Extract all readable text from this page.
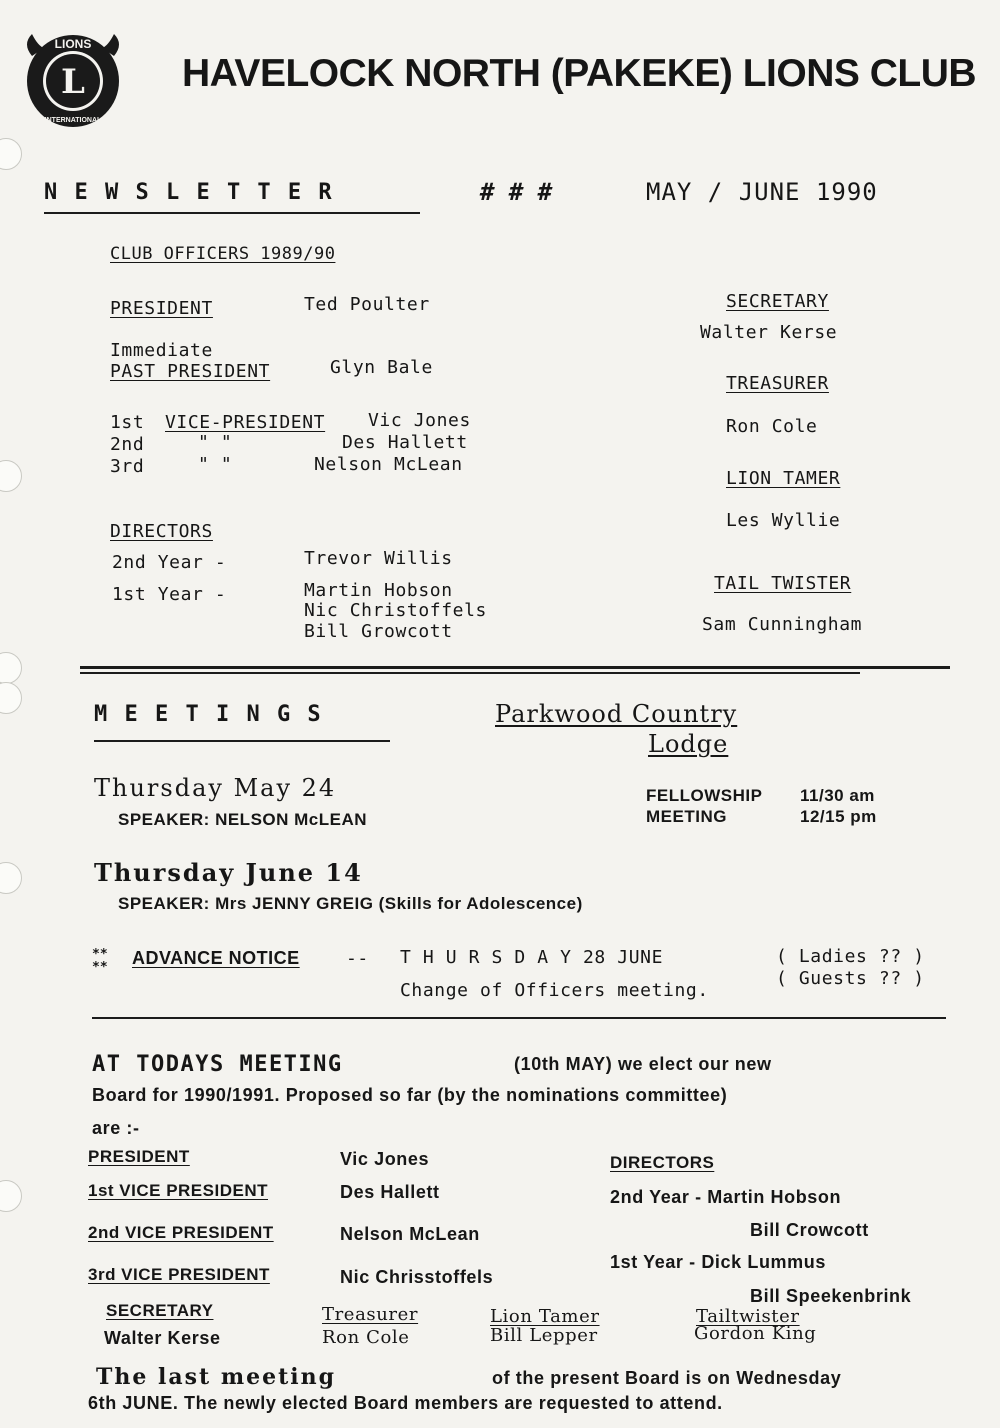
LIONS
L
INTERNATIONAL
HAVELOCK NORTH (PAKEKE) LIONS CLUB
N E W S L E T T E R	# # #	MAY / JUNE 1990
CLUB OFFICERS 1989/90
PRESIDENT	Ted Poulter
Immediate
PAST PRESIDENT	Glyn Bale
1st VICE-PRESIDENT Vic Jones
2nd	" "	Des Hallett
3rd	" "	Nelson McLean
DIRECTORS
2nd Year -	Trevor Willis
1st Year -	Martin Hobson
Nic Christoffels
Bill Growcott
SECRETARY
Walter Kerse
TREASURER
Ron Cole
LION TAMER
Les Wyllie
TAIL TWISTER
Sam Cunningham
M E E T I N G S	Parkwood Country
Lodge
Thursday May 24
SPEAKER: NELSON McLEAN
FELLOWSHIP 11/30 am
MEETING	12/15 pm
Thursday June 14
SPEAKER: Mrs JENNY GREIG (Skills for Adolescence)
**
** ADVANCE NOTICE	-- T H U R S D A Y 28 JUNE
Change of Officers meeting.
( Ladies ?? )
( Guests ?? )
AT TODAYS MEETING	(10th MAY) we elect our new
Board for 1990/1991. Proposed so far (by the nominations committee)
are :-
PRESIDENT	Vic Jones
1st VICE PRESIDENT	Des Hallett
2nd VICE PRESIDENT	Nelson McLean
3rd VICE PRESIDENT	Nic Chrisstoffels
DIRECTORS
2nd Year - Martin Hobson
Bill Crowcott
1st Year - Dick Lummus
Bill Speekenbrink
SECRETARY
Walter Kerse
Treasurer
Ron Cole
Lion Tamer
Bill Lepper
Tailtwister
Gordon King
The last meeting	of the present Board is on Wednesday
6th JUNE. The newly elected Board members are requested to attend.
